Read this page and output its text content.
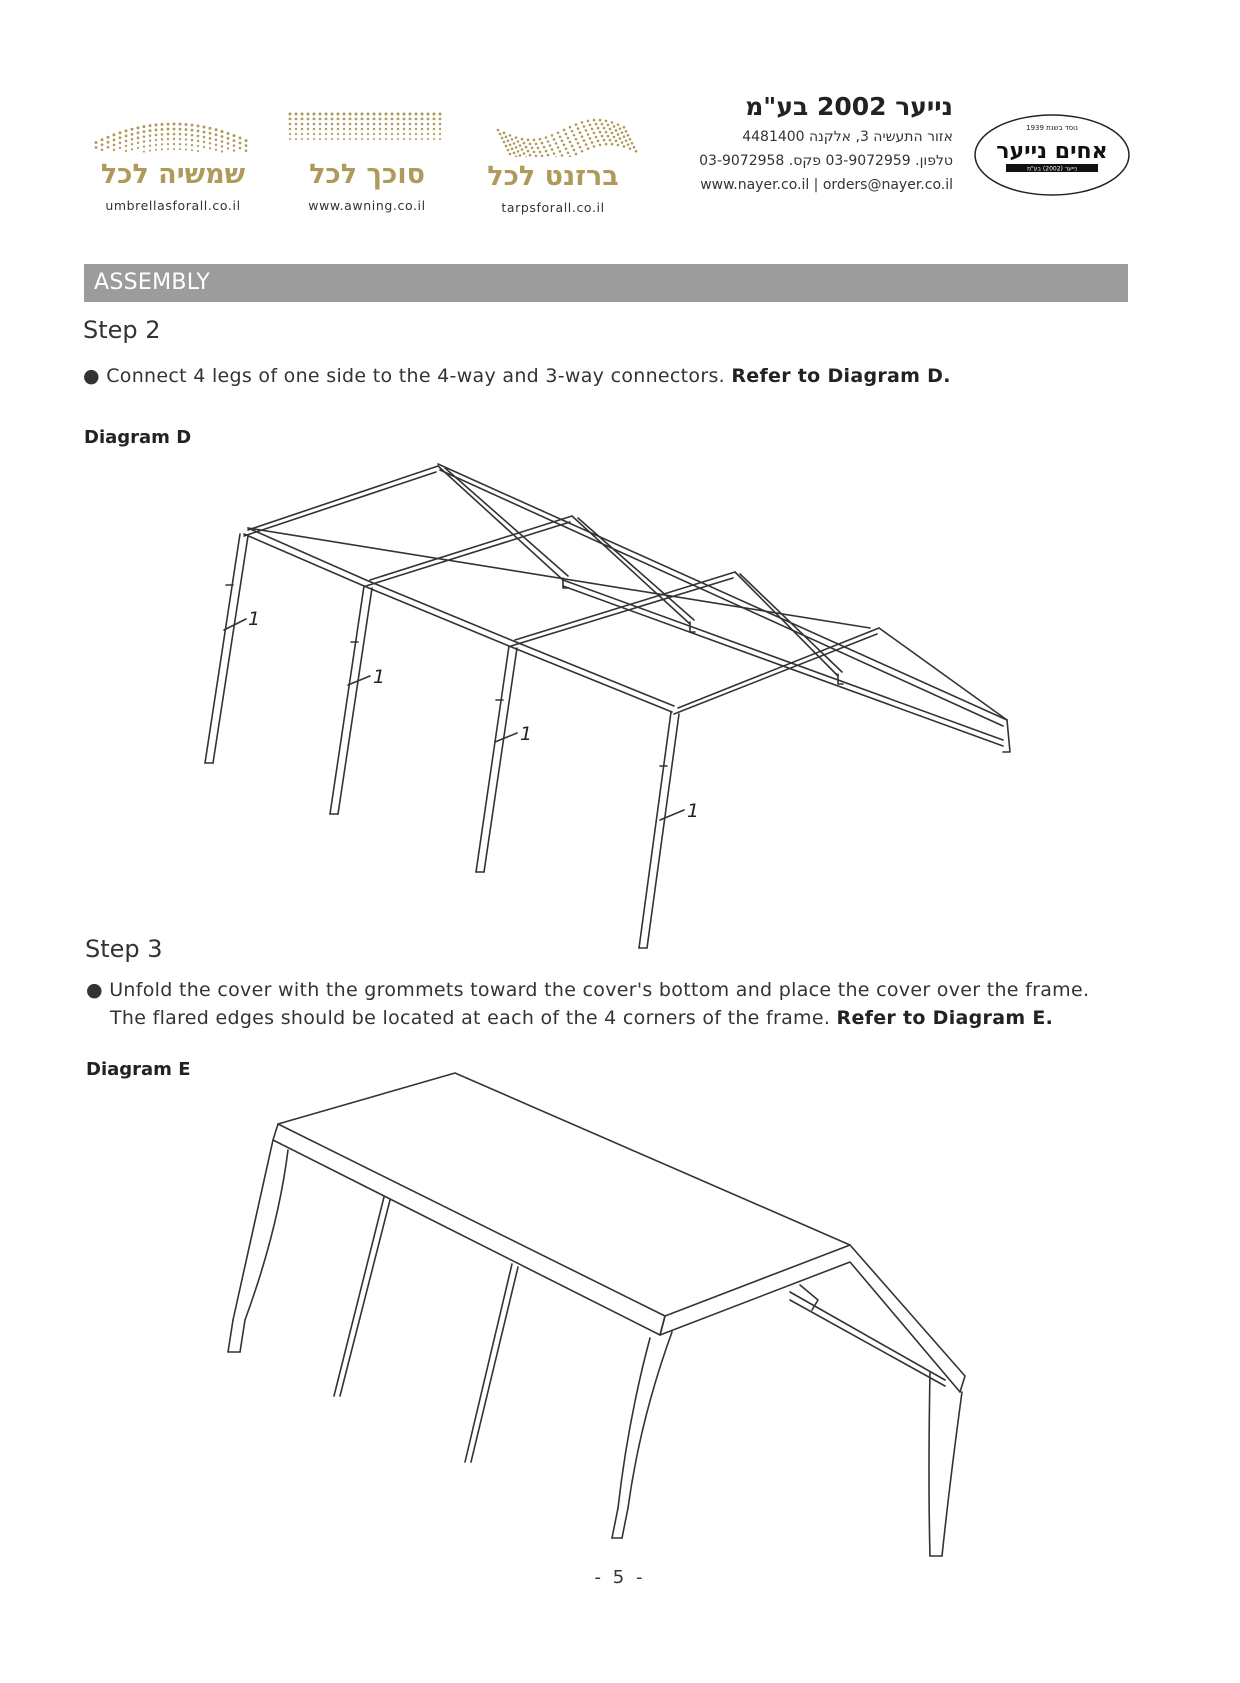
שמשיה לכל
umbrellasforall.co.il
סוכך לכל
www.awning.co.il
ברזנט לכל
tarpsforall.co.il
נייער 2002 בע"מ
אזור התעשיה 3, אלקנה 4481400
טלפון. 03-9072959 פקס. 03-9072958
www.nayer.co.il | orders@nayer.co.il
נוסד בשנת 1939
אחים נייער
נייער (2002) בע"מ
ASSEMBLY
Step 2
● Connect 4 legs of one side to the 4-way and 3-way connectors. Refer to Diagram D.
Diagram D
1
1
1
1
Step 3
● Unfold the cover with the grommets toward the cover's bottom and place the cover over the frame.
The flared edges should be located at each of the 4 corners of the frame. Refer to Diagram E.
Diagram E
- 5 -
